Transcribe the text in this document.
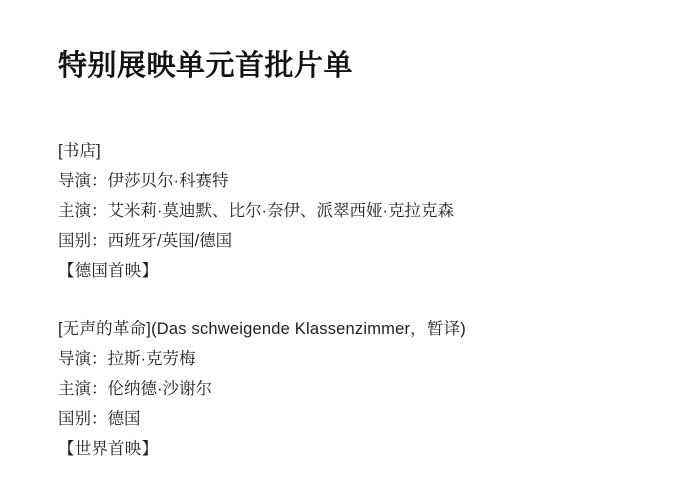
特别展映单元首批片单
[书店]
导演：伊莎贝尔·科赛特
主演：艾米莉·莫迪默、比尔·奈伊、派翠西娅·克拉克森
国别：西班牙/英国/德国
【德国首映】
[无声的革命](Das schweigende Klassenzimmer，暂译)
导演：拉斯·克劳梅
主演：伦纳德·沙谢尔
国别：德国
【世界首映】
